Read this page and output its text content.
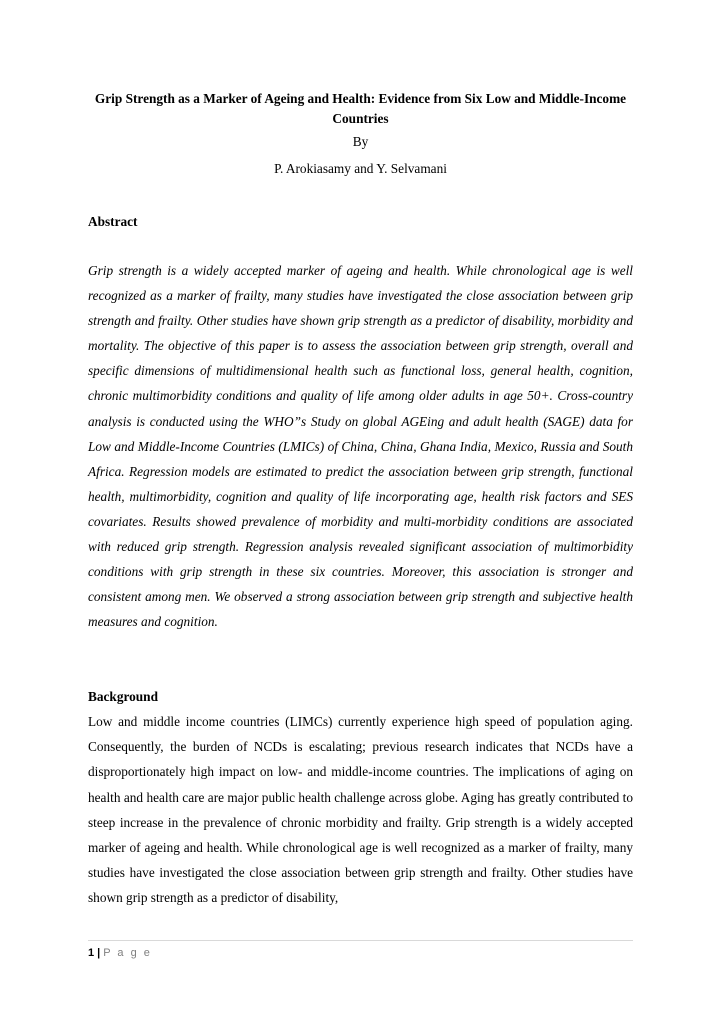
Grip Strength as a Marker of Ageing and Health: Evidence from Six Low and Middle-Income Countries
By
P. Arokiasamy and Y. Selvamani
Abstract

Grip strength is a widely accepted marker of ageing and health. While chronological age is well recognized as a marker of frailty, many studies have investigated the close association between grip strength and frailty. Other studies have shown grip strength as a predictor of disability, morbidity and mortality. The objective of this paper is to assess the association between grip strength, overall and specific dimensions of multidimensional health such as functional loss, general health, cognition, chronic multimorbidity conditions and quality of life among older adults in age 50+. Cross-country analysis is conducted using the WHO”s Study on global AGEing and adult health (SAGE) data for Low and Middle-Income Countries (LMICs) of China, China, Ghana India, Mexico, Russia and South Africa. Regression models are estimated to predict the association between grip strength, functional health, multimorbidity, cognition and quality of life incorporating age, health risk factors and SES covariates. Results showed prevalence of morbidity and multi-morbidity conditions are associated with reduced grip strength. Regression analysis revealed significant association of multimorbidity conditions with grip strength in these six countries. Moreover, this association is stronger and consistent among men. We observed a strong association between grip strength and subjective health measures and cognition.

Background

Low and middle income countries (LIMCs) currently experience high speed of population aging. Consequently, the burden of NCDs is escalating; previous research indicates that NCDs have a disproportionately high impact on low- and middle-income countries. The implications of aging on health and health care are major public health challenge across globe. Aging has greatly contributed to steep increase in the prevalence of chronic morbidity and frailty. Grip strength is a widely accepted marker of ageing and health. While chronological age is well recognized as a marker of frailty, many studies have investigated the close association between grip strength and frailty. Other studies have shown grip strength as a predictor of disability,

1 | P a g e
